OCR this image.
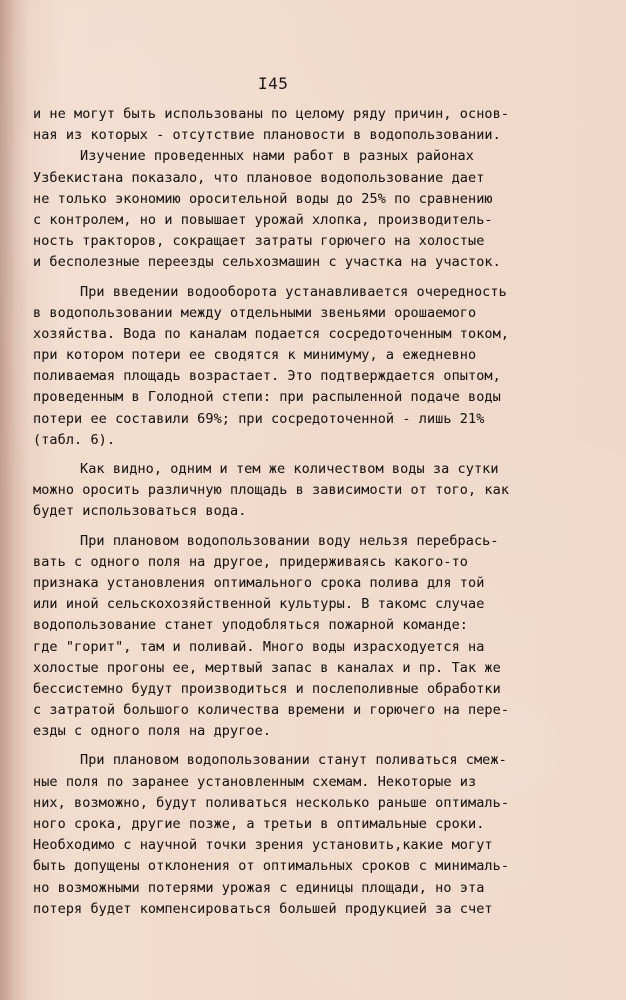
I45
и не могут быть использованы по целому ряду причин, основ-
ная из которых - отсутствие плановости в водопользовании.
Изучение проведенных нами работ в разных районах
Узбекистана показало, что плановое водопользование дает
не только экономию оросительной воды до 25% по сравнению
с контролем, но и повышает урожай хлопка, производитель-
ность тракторов, сокращает затраты горючего на холостые
и бесполезные переезды сельхозмашин с участка на участок.
При введении водооборота устанавливается очередность
в водопользовании между отдельными звеньями орошаемого
хозяйства. Вода по каналам подается сосредоточенным током,
при котором потери ее сводятся к минимуму, а ежедневно
поливаемая площадь возрастает. Это подтверждается опытом,
проведенным в Голодной степи: при распыленной подаче воды
потери ее составили 69%; при сосредоточенной - лишь 21%
(табл. 6).
Как видно, одним и тем же количеством воды за сутки
можно оросить различную площадь в зависимости от того, как
будет использоваться вода.
При плановом водопользовании воду нельзя перебрась-
вать с одного поля на другое, придерживаясь какого-то
признака установления оптимального срока полива для той
или иной сельскохозяйственной культуры. В такомс случае
водопользование станет уподобляться пожарной команде:
где "горит", там и поливай. Много воды израсходуется на
холостые прогоны ее, мертвый запас в каналах и пр. Так же
бессистемно будут производиться и послеполивные обработки
с затратой большого количества времени и горючего на пере-
езды с одного поля на другое.
При плановом водопользовании станут поливаться смеж-
ные поля по заранее установленным схемам. Некоторые из
них, возможно, будут поливаться несколько раньше оптималь-
ного срока, другие позже, а третьи в оптимальные сроки.
Необходимо с научной точки зрения установить,какие могут
быть допущены отклонения от оптимальных сроков с минималь-
но возможными потерями урожая с единицы площади, но эта
потеря будет компенсироваться большей продукцией за счет
